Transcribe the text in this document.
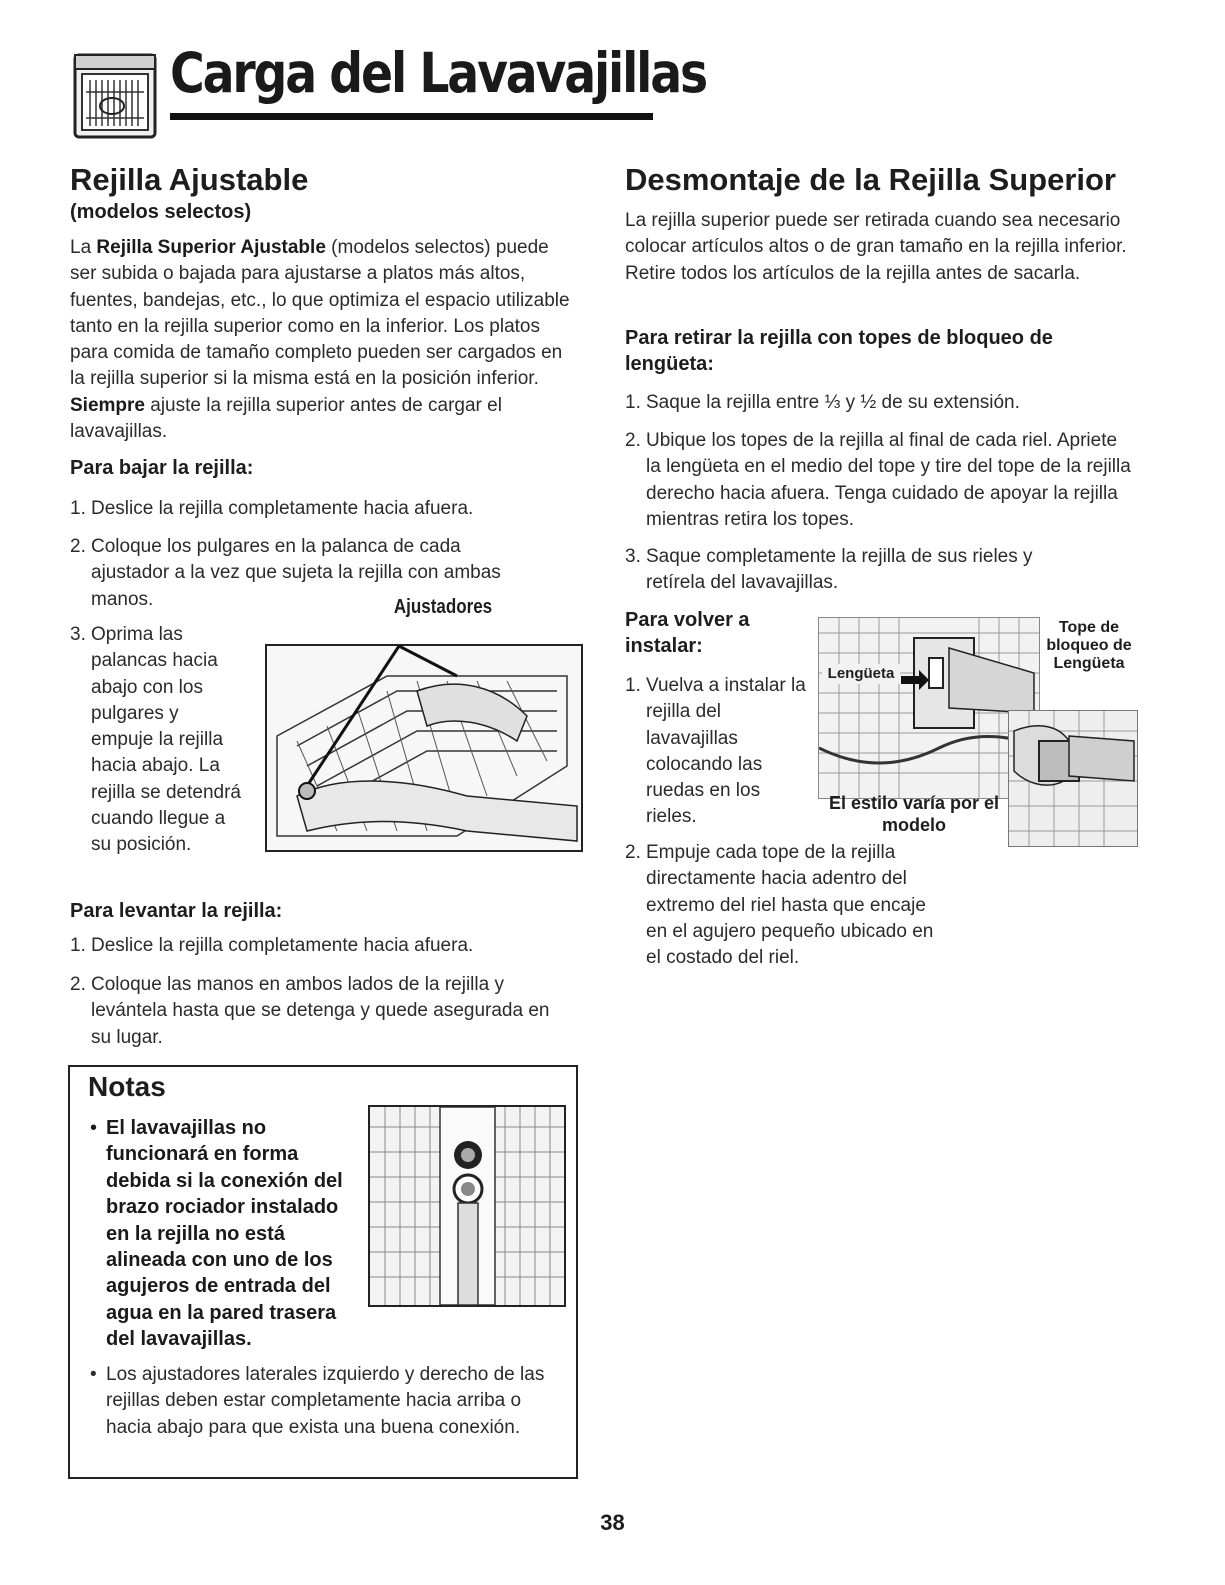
Carga del Lavavajillas
Rejilla Ajustable

(modelos selectos)

La Rejilla Superior Ajustable (modelos selectos) puede ser subida o bajada para ajustarse a platos más altos, fuentes, bandejas, etc., lo que optimiza el espacio utilizable tanto en la rejilla superior como en la inferior. Los platos para comida de tamaño completo pueden ser cargados en la rejilla superior si la misma está en la posición inferior. Siempre ajuste la rejilla superior antes de cargar el lavavajillas.

Para bajar la rejilla:
1. Deslice la rejilla completamente hacia afuera.
2. Coloque los pulgares en la palanca de cada ajustador a la vez que sujeta la rejilla con ambas manos.
3. Oprima las palancas hacia abajo con los pulgares y empuje la rejilla hacia abajo. La rejilla se detendrá cuando llegue a su posición.
Ajustadores
Para levantar la rejilla:
1. Deslice la rejilla completamente hacia afuera.
2. Coloque las manos en ambos lados de la rejilla y levántela hasta que se detenga y quede asegurada en su lugar.
Notas
• El lavavajillas no funcionará en forma debida si la conexión del brazo rociador instalado en la rejilla no está alineada con uno de los agujeros de entrada del agua en la pared trasera del lavavajillas.
• Los ajustadores laterales izquierdo y derecho de las rejillas deben estar completamente hacia arriba o hacia abajo para que exista una buena conexión.
Desmontaje de la Rejilla Superior

La rejilla superior puede ser retirada cuando sea necesario colocar artículos altos o de gran tamaño en la rejilla inferior. Retire todos los artículos de la rejilla antes de sacarla.

Para retirar la rejilla con topes de bloqueo de lengüeta:
1. Saque la rejilla entre ⅓ y ½ de su extensión.
2. Ubique los topes de la rejilla al final de cada riel. Apriete la lengüeta en el medio del tope y tire del tope de la rejilla derecho hacia afuera. Tenga cuidado de apoyar la rejilla mientras retira los topes.
3. Saque completamente la rejilla de sus rieles y retírela del lavavajillas.
Para volver a instalar:
1. Vuelva a instalar la rejilla del lavavajillas colocando las ruedas en los rieles.
2. Empuje cada tope de la rejilla directamente hacia adentro del extremo del riel hasta que encaje en el agujero pequeño ubicado en el costado del riel.
Lengüeta
Tope de bloqueo de Lengüeta
El estilo varía por el modelo

38
